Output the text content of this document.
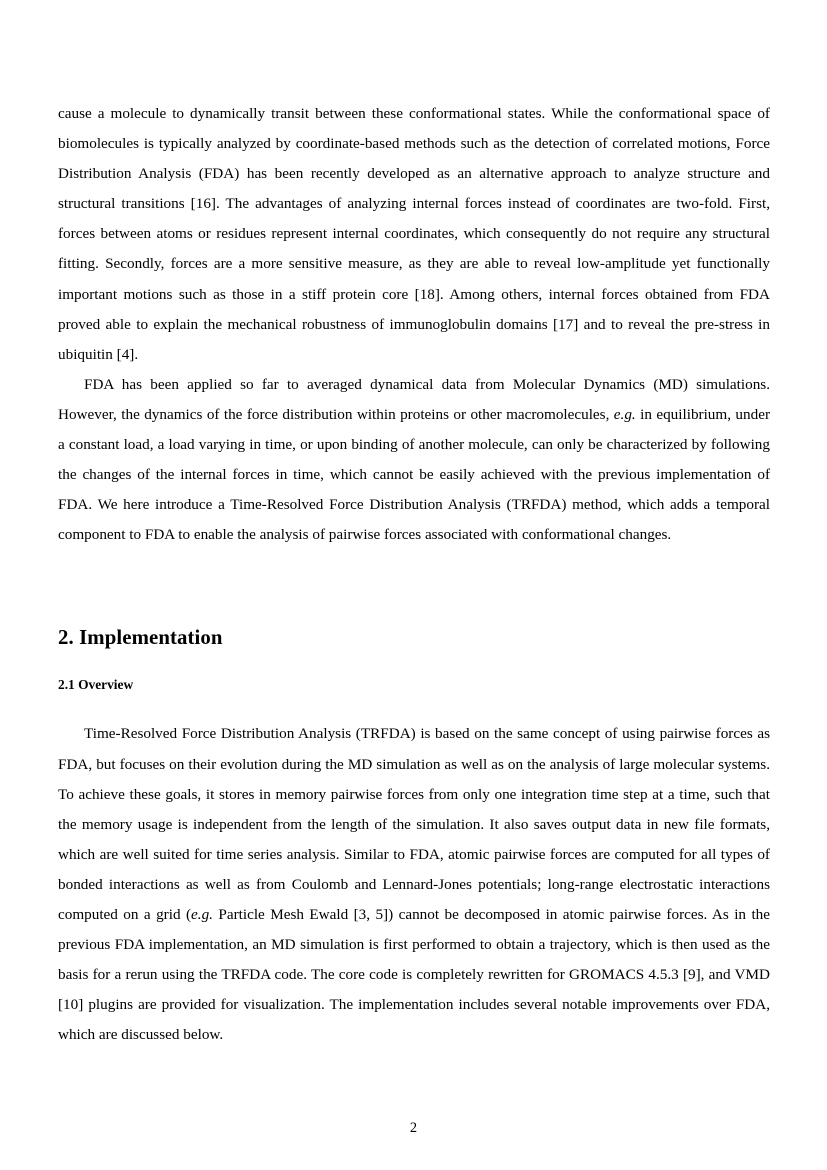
cause a molecule to dynamically transit between these conformational states. While the conformational space of biomolecules is typically analyzed by coordinate-based methods such as the detection of correlated motions, Force Distribution Analysis (FDA) has been recently developed as an alternative approach to analyze structure and structural transitions [16]. The advantages of analyzing internal forces instead of coordinates are two-fold. First, forces between atoms or residues represent internal coordinates, which consequently do not require any structural fitting. Secondly, forces are a more sensitive measure, as they are able to reveal low-amplitude yet functionally important motions such as those in a stiff protein core [18]. Among others, internal forces obtained from FDA proved able to explain the mechanical robustness of immunoglobulin domains [17] and to reveal the pre-stress in ubiquitin [4].

FDA has been applied so far to averaged dynamical data from Molecular Dynamics (MD) simulations. However, the dynamics of the force distribution within proteins or other macromolecules, e.g. in equilibrium, under a constant load, a load varying in time, or upon binding of another molecule, can only be characterized by following the changes of the internal forces in time, which cannot be easily achieved with the previous implementation of FDA. We here introduce a Time-Resolved Force Distribution Analysis (TRFDA) method, which adds a temporal component to FDA to enable the analysis of pairwise forces associated with conformational changes.

2. Implementation
2.1 Overview

Time-Resolved Force Distribution Analysis (TRFDA) is based on the same concept of using pairwise forces as FDA, but focuses on their evolution during the MD simulation as well as on the analysis of large molecular systems. To achieve these goals, it stores in memory pairwise forces from only one integration time step at a time, such that the memory usage is independent from the length of the simulation. It also saves output data in new file formats, which are well suited for time series analysis. Similar to FDA, atomic pairwise forces are computed for all types of bonded interactions as well as from Coulomb and Lennard-Jones potentials; long-range electrostatic interactions computed on a grid (e.g. Particle Mesh Ewald [3, 5]) cannot be decomposed in atomic pairwise forces. As in the previous FDA implementation, an MD simulation is first performed to obtain a trajectory, which is then used as the basis for a rerun using the TRFDA code. The core code is completely rewritten for GROMACS 4.5.3 [9], and VMD [10] plugins are provided for visualization. The implementation includes several notable improvements over FDA, which are discussed below.

2
